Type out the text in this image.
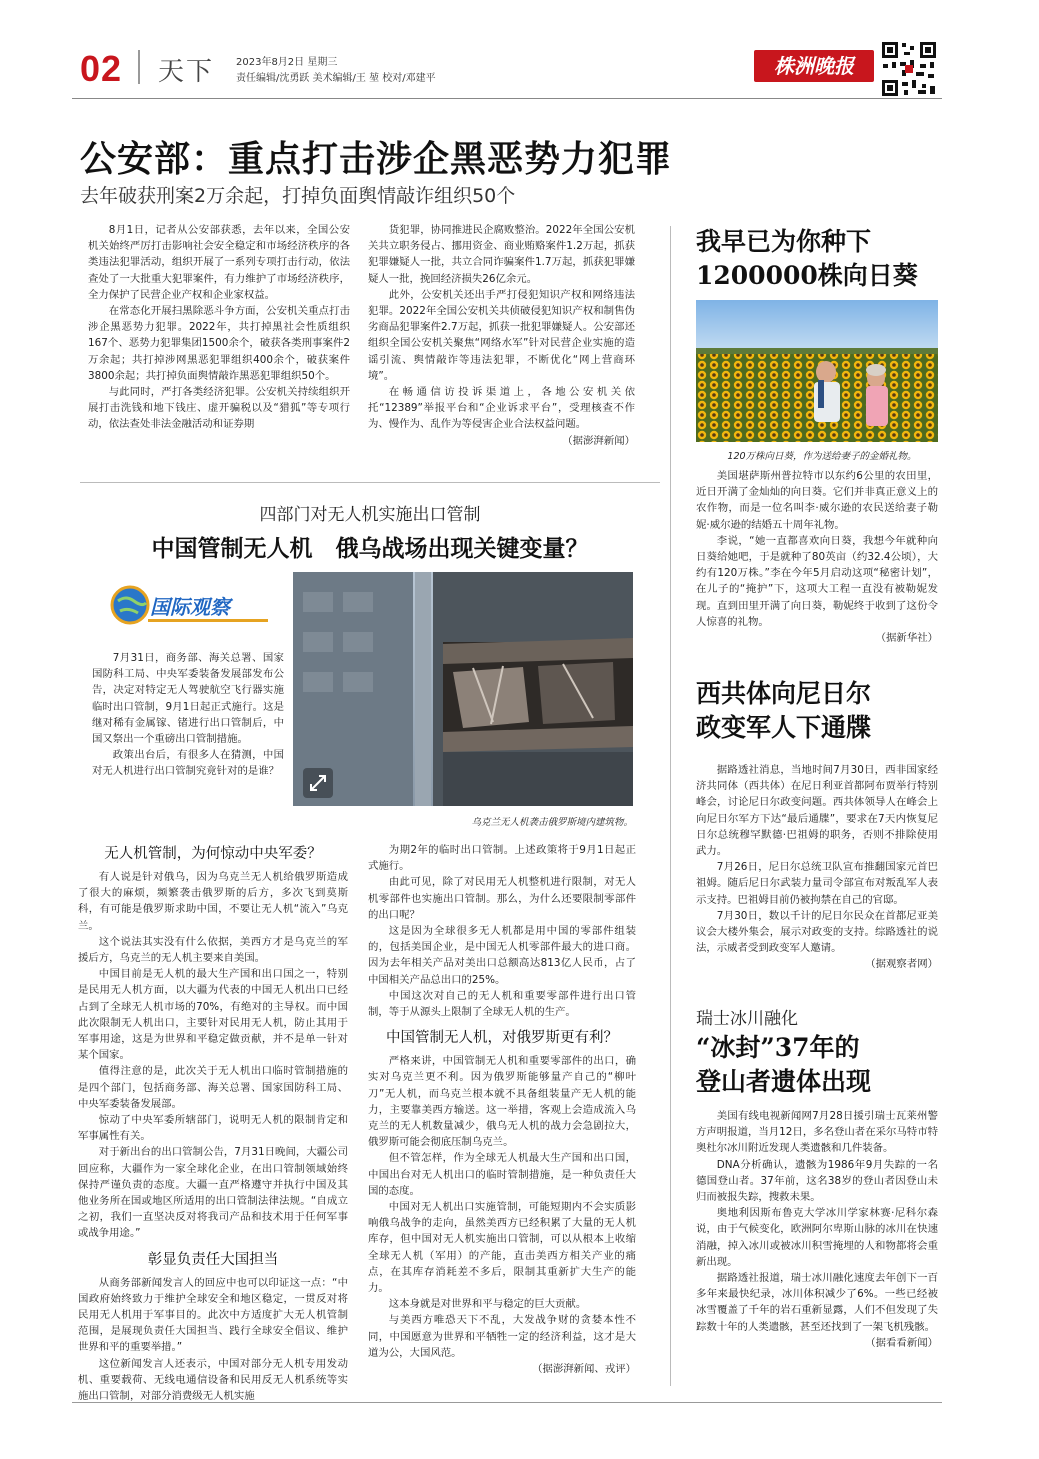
02 天下 2023年8月2日 星期三
责任编辑/沈勇跃 美术编辑/王 堃 校对/邓建平
株洲晚报
公安部：重点打击涉企黑恶势力犯罪
去年破获刑案2万余起，打掉负面舆情敲诈组织50个

8月1日，记者从公安部获悉，去年以来，全国公安机关始终严厉打击影响社会安全稳定和市场经济秩序的各类违法犯罪活动，组织开展了一系列专项打击行动，依法查处了一大批重大犯罪案件，有力维护了市场经济秩序，全力保护了民营企业产权和企业家权益。

在常态化开展扫黑除恶斗争方面，公安机关重点打击涉企黑恶势力犯罪。2022年，共打掉黑社会性质组织167个、恶势力犯罪集团1500余个，破获各类刑事案件2万余起；共打掉涉网黑恶犯罪组织400余个，破获案件3800余起；共打掉负面舆情敲诈黑恶犯罪组织50个。

与此同时，严打各类经济犯罪。公安机关持续组织开展打击洗钱和地下钱庄、虚开骗税以及“猎狐”等专项行动，依法查处非法金融活动和证券期

货犯罪，协同推进民企腐败整治。2022年全国公安机关共立职务侵占、挪用资金、商业贿赂案件1.2万起，抓获犯罪嫌疑人一批，共立合同诈骗案件1.7万起，抓获犯罪嫌疑人一批，挽回经济损失26亿余元。

此外，公安机关还出手严打侵犯知识产权和网络违法犯罪。2022年全国公安机关共侦破侵犯知识产权和制售伪劣商品犯罪案件2.7万起，抓获一批犯罪嫌疑人。公安部还组织全国公安机关聚焦“网络水军”针对民营企业实施的造谣引流、舆情敲诈等违法犯罪，不断优化“网上营商环境”。

在畅通信访投诉渠道上，各地公安机关依托“12389”举报平台和“企业诉求平台”，受理核查不作为、慢作为、乱作为等侵害企业合法权益问题。

（据澎湃新闻）

四部门对无人机实施出口管制
中国管制无人机　俄乌战场出现关键变量？
国际观察

7月31日，商务部、海关总署、国家国防科工局、中央军委装备发展部发布公告，决定对特定无人驾驶航空飞行器实施临时出口管制，9月1日起正式施行。这是继对稀有金属镓、锗进行出口管制后，中国又祭出一个重磅出口管制措施。

政策出台后，有很多人在猜测，中国对无人机进行出口管制究竟针对的是谁？

乌克兰无人机袭击俄罗斯境内建筑物。
无人机管制，为何惊动中央军委？

有人说是针对俄乌，因为乌克兰无人机给俄罗斯造成了很大的麻烦，频繁袭击俄罗斯的后方，多次飞到莫斯科，有可能是俄罗斯求助中国，不要让无人机“流入”乌克兰。

这个说法其实没有什么依据，美西方才是乌克兰的军援后方，乌克兰的无人机主要来自美国。

中国目前是无人机的最大生产国和出口国之一，特别是民用无人机方面，以大疆为代表的中国无人机出口已经占到了全球无人机市场的70%，有绝对的主导权。而中国此次限制无人机出口，主要针对民用无人机，防止其用于军事用途，这是为世界和平稳定做贡献，并不是单一针对某个国家。

值得注意的是，此次关于无人机出口临时管制措施的是四个部门，包括商务部、海关总署、国家国防科工局、中央军委装备发展部。

惊动了中央军委所辖部门，说明无人机的限制肯定和军事属性有关。

对于新出台的出口管制公告，7月31日晚间，大疆公司回应称，大疆作为一家全球化企业，在出口管制领域始终保持严谨负责的态度。大疆一直严格遵守并执行中国及其他业务所在国或地区所适用的出口管制法律法规。“自成立之初，我们一直坚决反对将我司产品和技术用于任何军事或战争用途。”

彰显负责任大国担当

从商务部新闻发言人的回应中也可以印证这一点：“中国政府始终致力于维护全球安全和地区稳定，一贯反对将民用无人机用于军事目的。此次中方适度扩大无人机管制范围，是展现负责任大国担当、践行全球安全倡议、维护世界和平的重要举措。”

这位新闻发言人还表示，中国对部分无人机专用发动机、重要载荷、无线电通信设备和民用反无人机系统等实施出口管制，对部分消费级无人机实施

为期2年的临时出口管制。上述政策将于9月1日起正式施行。

由此可见，除了对民用无人机整机进行限制，对无人机零部件也实施出口管制。那么，为什么还要限制零部件的出口呢？

这是因为全球很多无人机都是用中国的零部件组装的，包括美国企业，是中国无人机零部件最大的进口商。因为去年相关产品对美出口总额高达813亿人民币，占了中国相关产品总出口的25%。

中国这次对自己的无人机和重要零部件进行出口管制，等于从源头上限制了全球无人机的生产。

中国管制无人机，对俄罗斯更有利？

严格来讲，中国管制无人机和重要零部件的出口，确实对乌克兰更不利。因为俄罗斯能够量产自己的“柳叶刀”无人机，而乌克兰根本就不具备组装量产无人机的能力，主要靠美西方输送。这一举措，客观上会造成流入乌克兰的无人机数量减少，俄乌无人机的战力会急剧拉大，俄罗斯可能会彻底压制乌克兰。

但不管怎样，作为全球无人机最大生产国和出口国，中国出台对无人机出口的临时管制措施，是一种负责任大国的态度。

中国对无人机出口实施管制，可能短期内不会实质影响俄乌战争的走向，虽然美西方已经积累了大量的无人机库存，但中国对无人机实施出口管制，可以从根本上收缩全球无人机（军用）的产能，直击美西方相关产业的痛点，在其库存消耗差不多后，限制其重新扩大生产的能力。

这本身就是对世界和平与稳定的巨大贡献。

与美西方唯恐天下不乱，大发战争财的贪婪本性不同，中国愿意为世界和平牺牲一定的经济利益，这才是大道为公，大国风范。

（据澎湃新闻、戎评）

我早已为你种下
1200000株向日葵
120万株向日葵，作为送给妻子的金婚礼物。

美国堪萨斯州普拉特市以东约6公里的农田里，近日开满了金灿灿的向日葵。它们并非真正意义上的农作物，而是一位名叫李·威尔逊的农民送给妻子勒妮·威尔逊的结婚五十周年礼物。

李说，“她一直都喜欢向日葵，我想今年就种向日葵给她吧，于是就种了80英亩（约32.4公顷），大约有120万株。”李在今年5月启动这项“秘密计划”，在儿子的“掩护”下，这项大工程一直没有被勒妮发现。直到田里开满了向日葵，勒妮终于收到了这份令人惊喜的礼物。

（据新华社）

西共体向尼日尔
政变军人下通牒

据路透社消息，当地时间7月30日，西非国家经济共同体（西共体）在尼日利亚首都阿布贾举行特别峰会，讨论尼日尔政变问题。西共体领导人在峰会上向尼日尔军方下达“最后通牒”，要求在7天内恢复尼日尔总统穆罕默德·巴祖姆的职务，否则不排除使用武力。

7月26日，尼日尔总统卫队宣布推翻国家元首巴祖姆。随后尼日尔武装力量司令部宣布对叛乱军人表示支持。巴祖姆目前仍被拘禁在自己的官邸。

7月30日，数以千计的尼日尔民众在首都尼亚美议会大楼外集会，展示对政变的支持。综路透社的说法，示威者受到政变军人邀请。

（据观察者网）

瑞士冰川融化
“冰封”37年的
登山者遗体出现

美国有线电视新闻网7月28日援引瑞士瓦莱州警方声明报道，当月12日，多名登山者在采尔马特市特奥杜尔冰川附近发现人类遗骸和几件装备。

DNA分析确认，遗骸为1986年9月失踪的一名德国登山者。37年前，这名38岁的登山者因登山未归而被报失踪，搜救未果。

奥地利因斯布鲁克大学冰川学家林赛·尼科尔森说，由于气候变化，欧洲阿尔卑斯山脉的冰川在快速消融，掉入冰川或被冰川积雪掩埋的人和物都将会重新出现。

据路透社报道，瑞士冰川融化速度去年创下一百多年来最快纪录，冰川体积减少了6%。一些已经被冰雪覆盖了千年的岩石重新显露，人们不但发现了失踪数十年的人类遗骸，甚至还找到了一架飞机残骸。

（据看看新闻）
